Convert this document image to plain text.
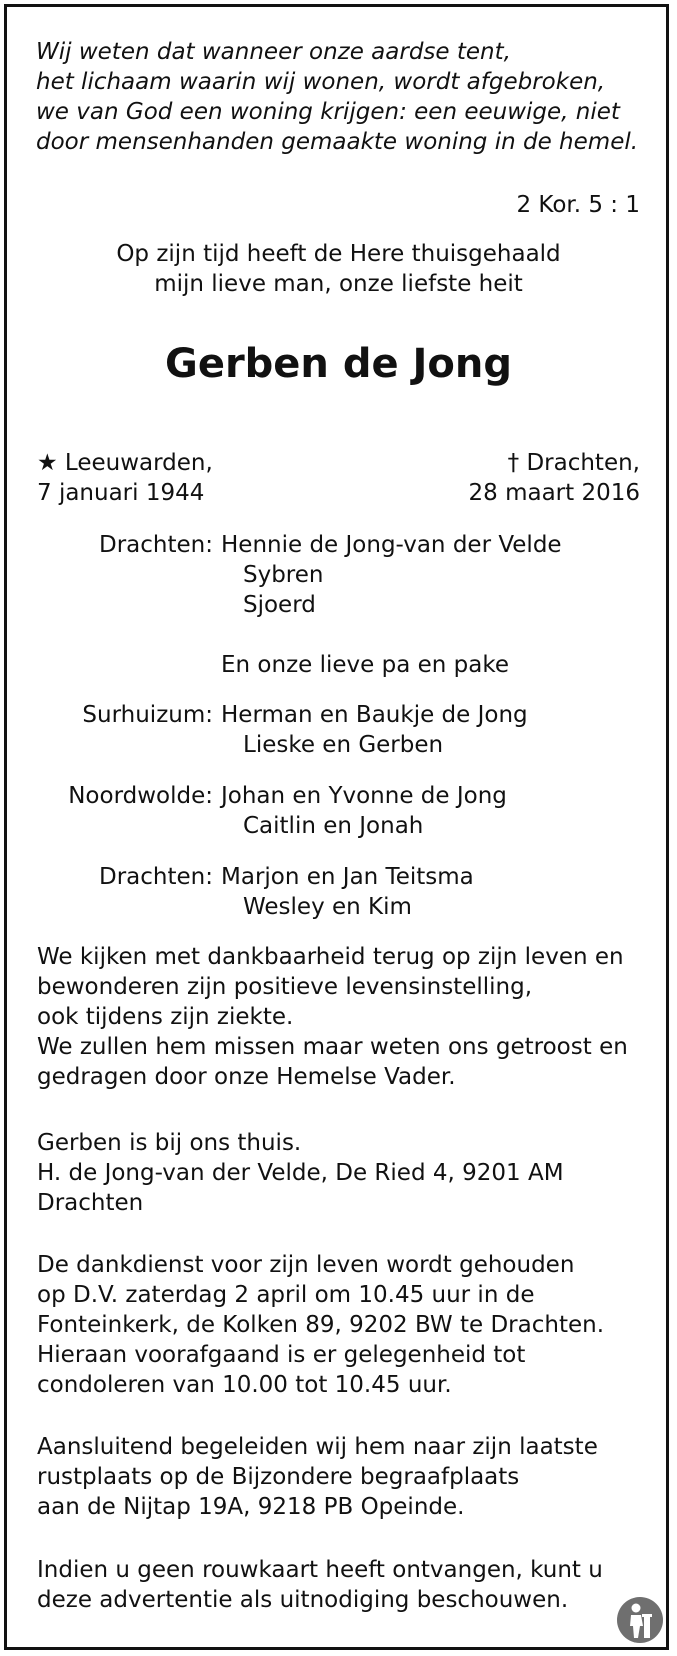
Wij weten dat wanneer onze aardse tent,
het lichaam waarin wij wonen, wordt afgebroken,
we van God een woning krijgen: een eeuwige, niet
door mensenhanden gemaakte woning in de hemel.
2 Kor. 5 : 1
Op zijn tijd heeft de Here thuisgehaald
mijn lieve man, onze liefste heit
Gerben de Jong
★ Leeuwarden,
7 januari 1944
† Drachten,
28 maart 2016
Drachten: Hennie de Jong-van der Velde
Sybren
Sjoerd
En onze lieve pa en pake
Surhuizum: Herman en Baukje de Jong
Lieske en Gerben
Noordwolde: Johan en Yvonne de Jong
Caitlin en Jonah
Drachten: Marjon en Jan Teitsma
Wesley en Kim
We kijken met dankbaarheid terug op zijn leven en
bewonderen zijn positieve levensinstelling,
ook tijdens zijn ziekte.
We zullen hem missen maar weten ons getroost en
gedragen door onze Hemelse Vader.
Gerben is bij ons thuis.
H. de Jong-van der Velde, De Ried 4, 9201 AM
Drachten
De dankdienst voor zijn leven wordt gehouden
op D.V. zaterdag 2 april om 10.45 uur in de
Fonteinkerk, de Kolken 89, 9202 BW te Drachten.
Hieraan voorafgaand is er gelegenheid tot
condoleren van 10.00 tot 10.45 uur.
Aansluitend begeleiden wij hem naar zijn laatste
rustplaats op de Bijzondere begraafplaats
aan de Nijtap 19A, 9218 PB Opeinde.
Indien u geen rouwkaart heeft ontvangen, kunt u
deze advertentie als uitnodiging beschouwen.
